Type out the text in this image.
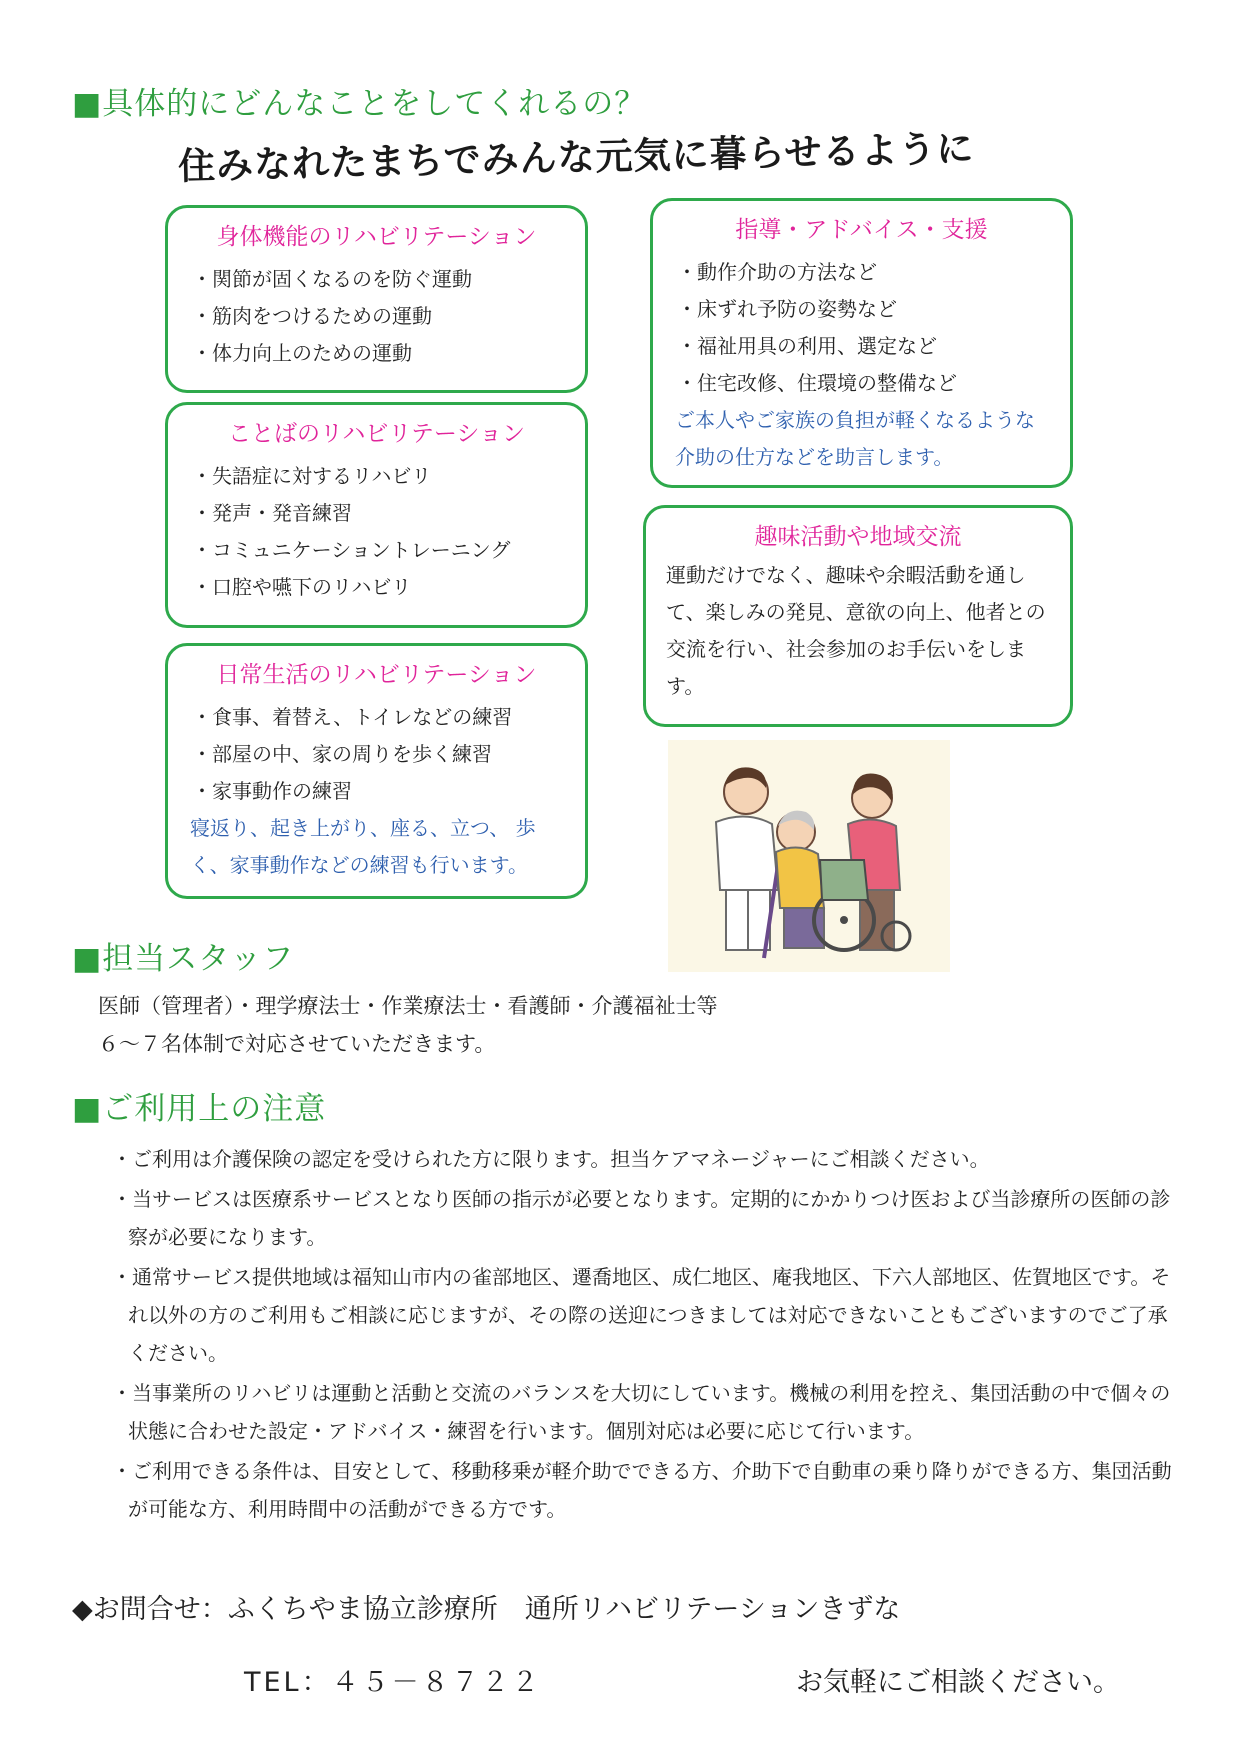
■具体的にどんなことをしてくれるの？
住みなれたまちでみんな元気に暮らせるように
身体機能のリハビリテーション
・関節が固くなるのを防ぐ運動
・筋肉をつけるための運動
・体力向上のための運動
ことばのリハビリテーション
・失語症に対するリハビリ
・発声・発音練習
・コミュニケーショントレーニング
・口腔や嚥下のリハビリ
日常生活のリハビリテーション
・食事、着替え、トイレなどの練習
・部屋の中、家の周りを歩く練習
・家事動作の練習
寝返り、起き上がり、座る、立つ、 歩く、家事動作などの練習も行います。
指導・アドバイス・支援
・動作介助の方法など
・床ずれ予防の姿勢など
・福祉用具の利用、選定など
・住宅改修、住環境の整備など
ご本人やご家族の負担が軽くなるような介助の仕方などを助言します。
趣味活動や地域交流
運動だけでなく、趣味や余暇活動を通して、楽しみの発見、意欲の向上、他者との交流を行い、社会参加のお手伝いをします。
■担当スタッフ
医師（管理者）・理学療法士・作業療法士・看護師・介護福祉士等
６～７名体制で対応させていただきます。
■ご利用上の注意
・ご利用は介護保険の認定を受けられた方に限ります。担当ケアマネージャーにご相談ください。
・当サービスは医療系サービスとなり医師の指示が必要となります。定期的にかかりつけ医および当診療所の医師の診察が必要になります。
・通常サービス提供地域は福知山市内の雀部地区、遷喬地区、成仁地区、庵我地区、下六人部地区、佐賀地区です。それ以外の方のご利用もご相談に応じますが、その際の送迎につきましては対応できないこともございますのでご了承ください。
・当事業所のリハビリは運動と活動と交流のバランスを大切にしています。機械の利用を控え、集団活動の中で個々の状態に合わせた設定・アドバイス・練習を行います。個別対応は必要に応じて行います。
・ご利用できる条件は、目安として、移動移乗が軽介助でできる方、介助下で自動車の乗り降りができる方、集団活動が可能な方、利用時間中の活動ができる方です。
◆お問合せ：ふくちやま協立診療所　通所リハビリテーションきずな
TEL：４５－８７２２	お気軽にご相談ください。
